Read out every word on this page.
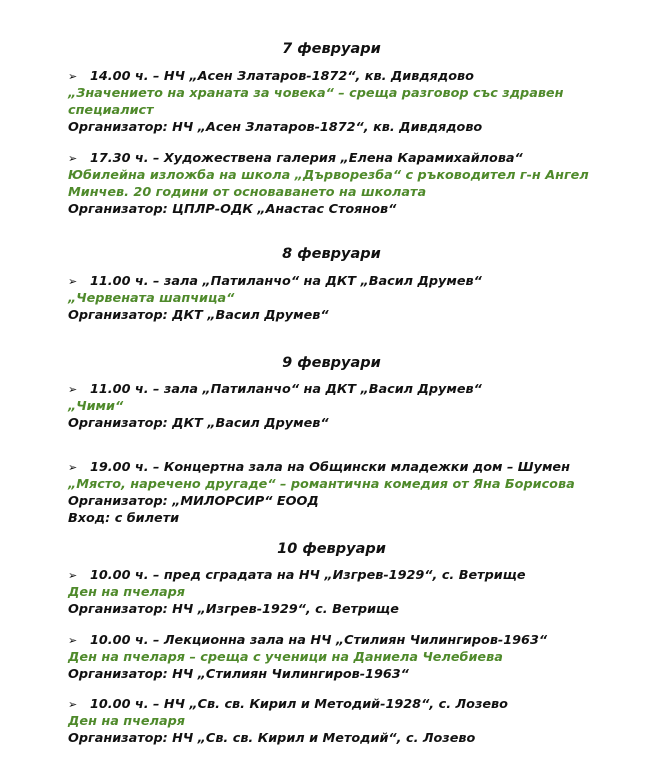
7 февруари
➢ 14.00 ч. – НЧ „Асен Златаров-1872“, кв. Дивдядово
„Значението на храната за човека“ – среща разговор със здравен
специалист
Организатор: НЧ „Асен Златаров-1872“, кв. Дивдядово
➢ 17.30 ч. – Художествена галерия „Елена Карамихайлова“
Юбилейна изложба на школа „Дърворезба“ с ръководител г-н Ангел
Минчев. 20 години от основаването на школата
Организатор: ЦПЛР-ОДК „Анастас Стоянов“
8 февруари
➢ 11.00 ч. – зала „Патиланчо“ на ДКТ „Васил Друмев“
„Червената шапчица“
Организатор: ДКТ „Васил Друмев“
9 февруари
➢ 11.00 ч. – зала „Патиланчо“ на ДКТ „Васил Друмев“
„Чими“
Организатор: ДКТ „Васил Друмев“
➢ 19.00 ч. – Концертна зала на Общински младежки дом – Шумен
„Място, наречено другаде“ – романтична комедия от Яна Борисова
Организатор: „МИЛОРСИР“ ЕООД
Вход: с билети
10 февруари
➢ 10.00 ч. – пред сградата на НЧ „Изгрев-1929“, с. Ветрище
Ден на пчеларя
Организатор: НЧ „Изгрев-1929“, с. Ветрище
➢ 10.00 ч. – Лекционна зала на НЧ „Стилиян Чилингиров-1963“
Ден на пчеларя – среща с ученици на Даниела Челебиева
Организатор: НЧ „Стилиян Чилингиров-1963“
➢ 10.00 ч. – НЧ „Св. св. Кирил и Методий-1928“, с. Лозево
Ден на пчеларя
Организатор: НЧ „Св. св. Кирил и Методий“, с. Лозево
